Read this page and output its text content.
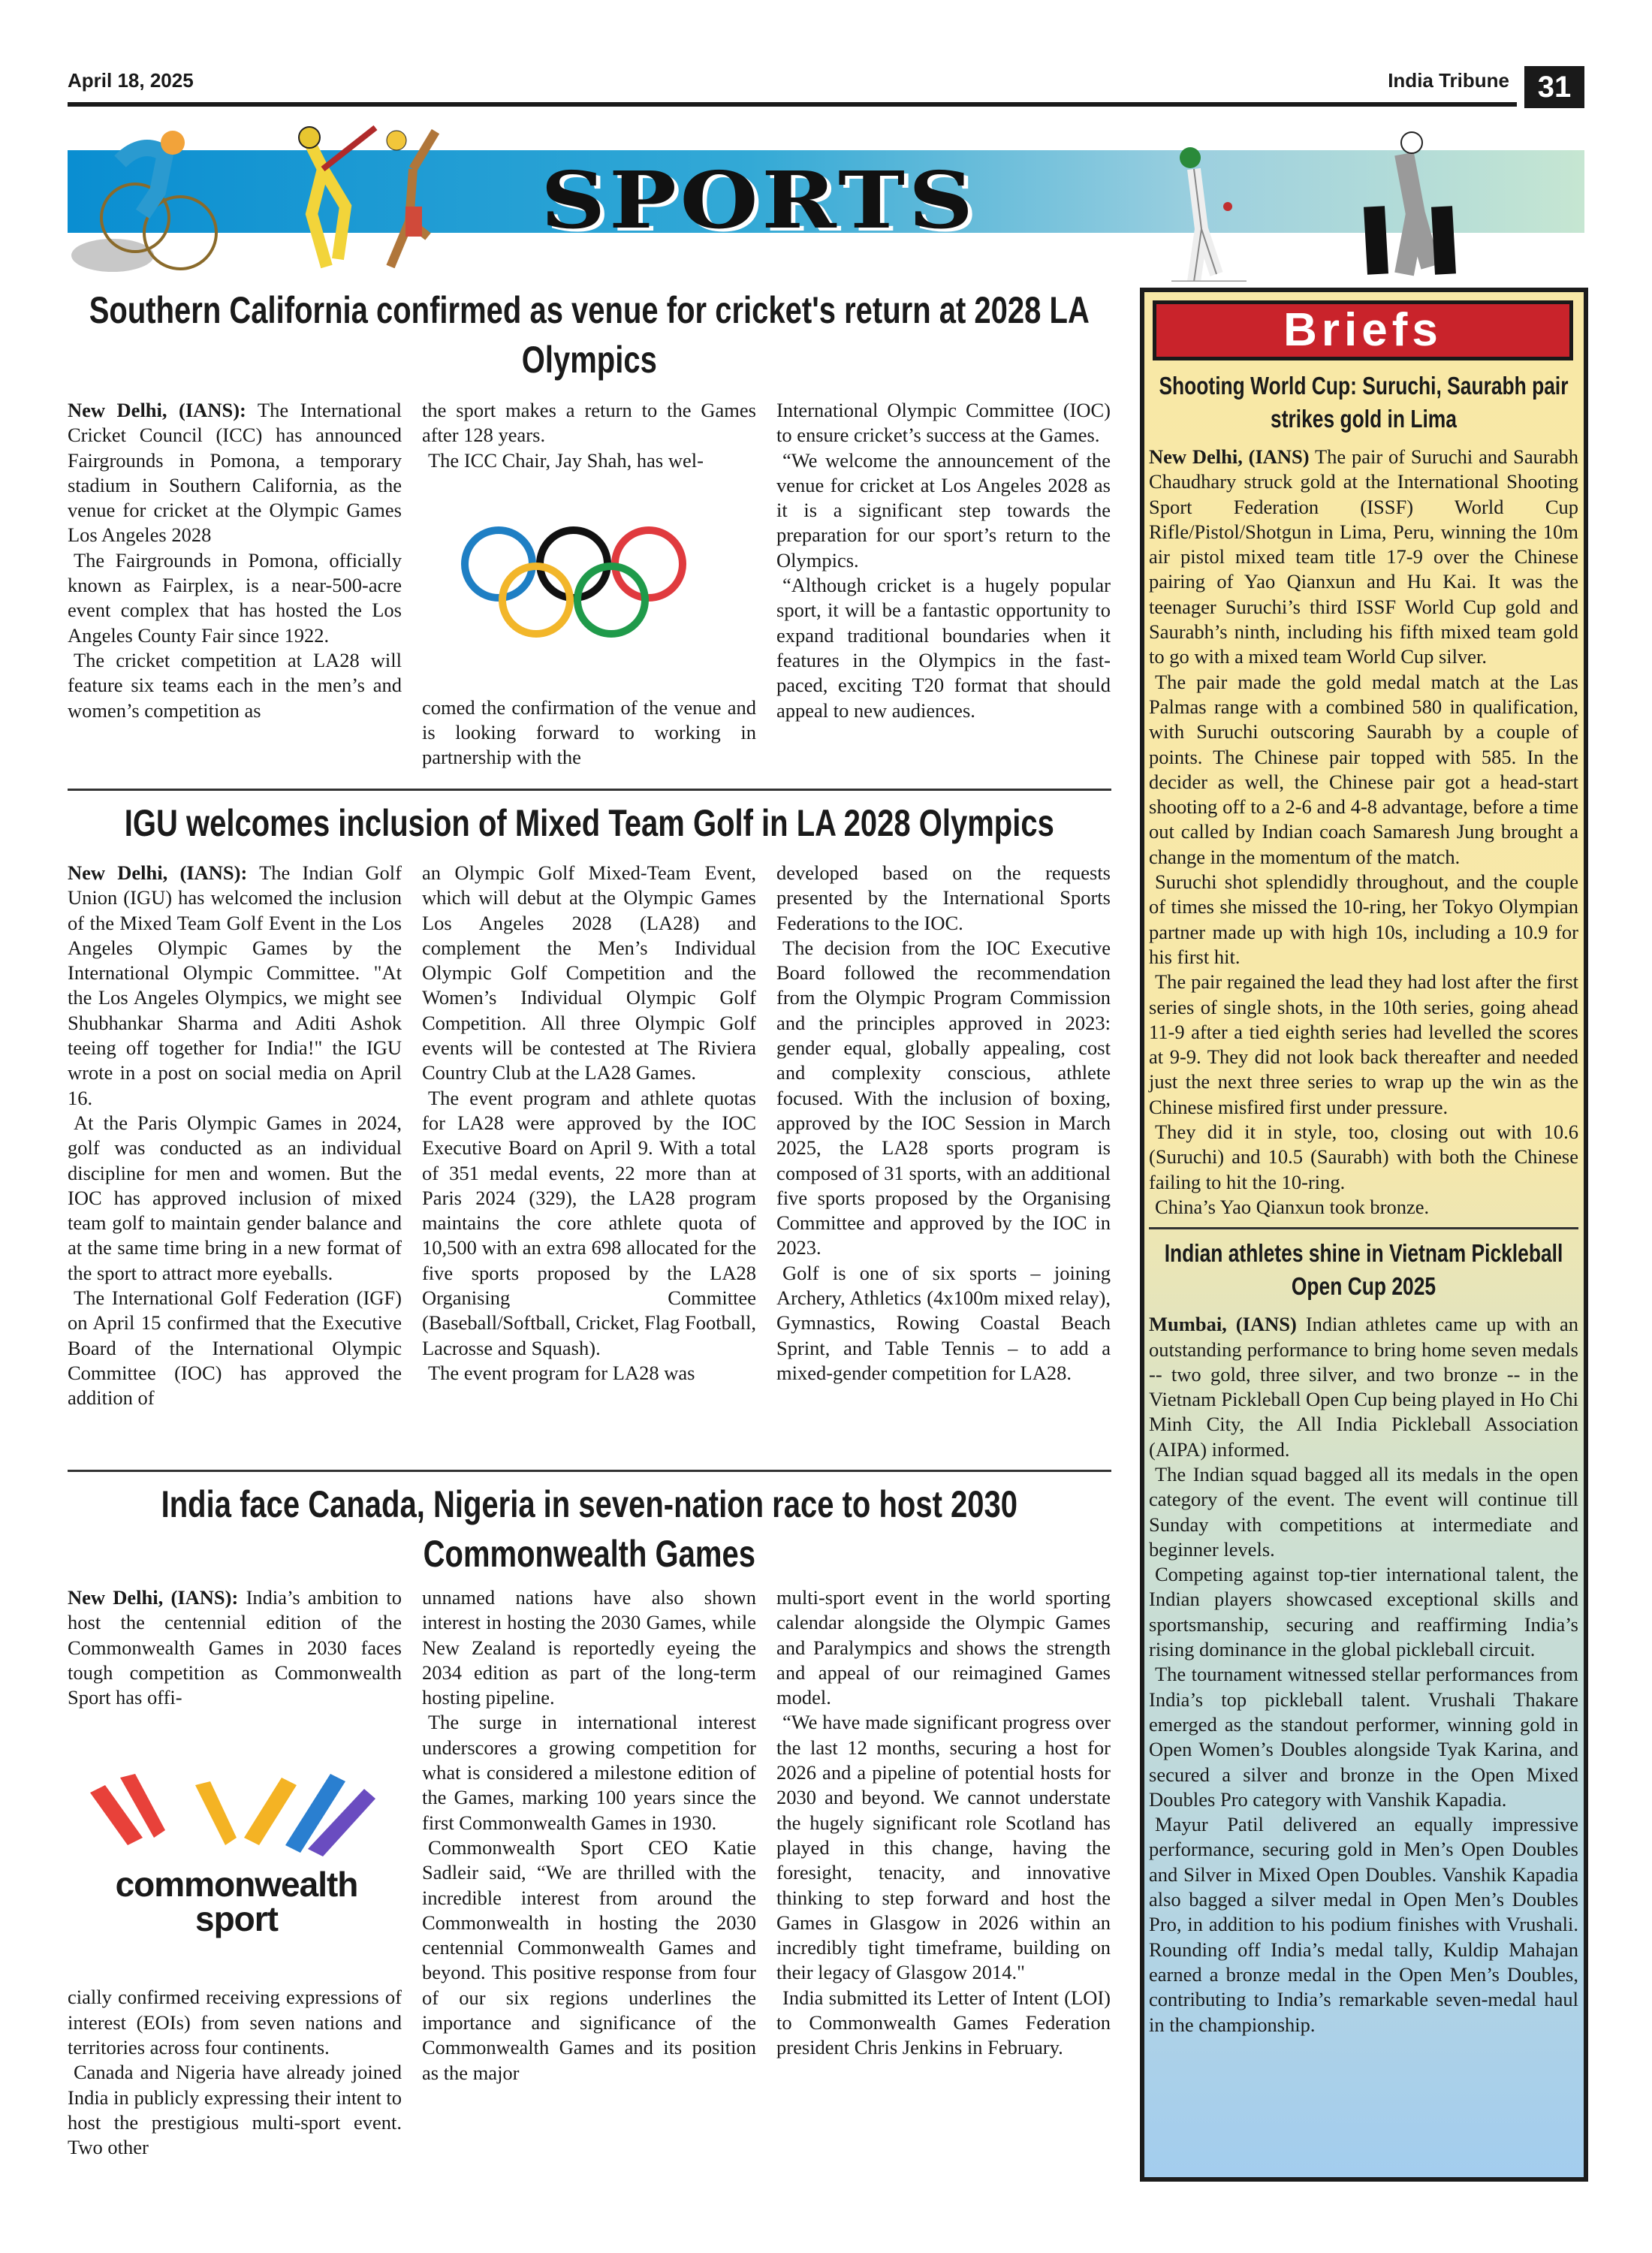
April 18, 2025	India Tribune 31
SPORTS
Southern California confirmed as venue for cricket's return at 2028 LA Olympics

New Delhi, (IANS): The International Cricket Council (ICC) has announced Fairgrounds in Pomona, a temporary stadium in Southern California, as the venue for cricket at the Olympic Games Los Angeles 2028

The Fairgrounds in Pomona, officially known as Fairplex, is a near-500-acre event complex that has hosted the Los Angeles County Fair since 1922.

The cricket competition at LA28 will feature six teams each in the men’s and women’s competition as

the sport makes a return to the Games after 128 years.

The ICC Chair, Jay Shah, has wel-

comed the confirmation of the venue and is looking forward to working in partnership with the

International Olympic Committee (IOC) to ensure cricket’s success at the Games.

“We welcome the announcement of the venue for cricket at Los Angeles 2028 as it is a significant step towards the preparation for our sport’s return to the Olympics.

“Although cricket is a hugely popular sport, it will be a fantastic opportunity to expand traditional boundaries when it features in the Olympics in the fast-paced, exciting T20 format that should appeal to new audiences.

IGU welcomes inclusion of Mixed Team Golf in LA 2028 Olympics

New Delhi, (IANS): The Indian Golf Union (IGU) has welcomed the inclusion of the Mixed Team Golf Event in the Los Angeles Olympic Games by the International Olympic Committee. "At the Los Angeles Olympics, we might see Shubhankar Sharma and Aditi Ashok teeing off together for India!" the IGU wrote in a post on social media on April 16.

At the Paris Olympic Games in 2024, golf was conducted as an individual discipline for men and women. But the IOC has approved inclusion of mixed team golf to maintain gender balance and at the same time bring in a new format of the sport to attract more eyeballs.

The International Golf Federation (IGF) on April 15 confirmed that the Executive Board of the International Olympic Committee (IOC) has approved the addition of

an Olympic Golf Mixed-Team Event, which will debut at the Olympic Games Los Angeles 2028 (LA28) and complement the Men’s Individual Olympic Golf Competition and the Women’s Individual Olympic Golf Competition. All three Olympic Golf events will be contested at The Riviera Country Club at the LA28 Games.

The event program and athlete quotas for LA28 were approved by the IOC Executive Board on April 9. With a total of 351 medal events, 22 more than at Paris 2024 (329), the LA28 program maintains the core athlete quota of 10,500 with an extra 698 allocated for the five sports proposed by the LA28 Organising Committee (Baseball/Softball, Cricket, Flag Football, Lacrosse and Squash).

The event program for LA28 was

developed based on the requests presented by the International Sports Federations to the IOC.

The decision from the IOC Executive Board followed the recommendation from the Olympic Program Commission and the principles approved in 2023: gender equal, globally appealing, cost and complexity conscious, athlete focused. With the inclusion of boxing, approved by the IOC Session in March 2025, the LA28 sports program is composed of 31 sports, with an additional five sports proposed by the Organising Committee and approved by the IOC in 2023.

Golf is one of six sports – joining Archery, Athletics (4x100m mixed relay), Gymnastics, Rowing Coastal Beach Sprint, and Table Tennis – to add a mixed-gender competition for LA28.

India face Canada, Nigeria in seven-nation race to host 2030 Commonwealth Games

New Delhi, (IANS): India’s ambition to host the centennial edition of the Commonwealth Games in 2030 faces tough competition as Commonwealth Sport has offi-

commonwealth
sport

cially confirmed receiving expressions of interest (EOIs) from seven nations and territories across four continents.

Canada and Nigeria have already joined India in publicly expressing their intent to host the prestigious multi-sport event. Two other

unnamed nations have also shown interest in hosting the 2030 Games, while New Zealand is reportedly eyeing the 2034 edition as part of the long-term hosting pipeline.

The surge in international interest underscores a growing competition for what is considered a milestone edition of the Games, marking 100 years since the first Commonwealth Games in 1930.

Commonwealth Sport CEO Katie Sadleir said, “We are thrilled with the incredible interest from around the Commonwealth in hosting the 2030 centennial Commonwealth Games and beyond. This positive response from four of our six regions underlines the importance and significance of the Commonwealth Games and its position as the major

multi-sport event in the world sporting calendar alongside the Olympic Games and Paralympics and shows the strength and appeal of our reimagined Games model.

“We have made significant progress over the last 12 months, securing a host for 2026 and a pipeline of potential hosts for 2030 and beyond. We cannot understate the hugely significant role Scotland has played in this change, having the foresight, tenacity, and innovative thinking to step forward and host the Games in Glasgow in 2026 within an incredibly tight timeframe, building on their legacy of Glasgow 2014."

India submitted its Letter of Intent (LOI) to Commonwealth Games Federation president Chris Jenkins in February.

Briefs
Shooting World Cup: Suruchi, Saurabh pair strikes gold in Lima

New Delhi, (IANS) The pair of Suruchi and Saurabh Chaudhary struck gold at the International Shooting Sport Federation (ISSF) World Cup Rifle/Pistol/Shotgun in Lima, Peru, winning the 10m air pistol mixed team title 17-9 over the Chinese pairing of Yao Qianxun and Hu Kai. It was the teenager Suruchi’s third ISSF World Cup gold and Saurabh’s ninth, including his fifth mixed team gold to go with a mixed team World Cup silver.

The pair made the gold medal match at the Las Palmas range with a combined 580 in qualification, with Suruchi outscoring Saurabh by a couple of points. The Chinese pair topped with 585. In the decider as well, the Chinese pair got a head-start shooting off to a 2-6 and 4-8 advantage, before a time out called by Indian coach Samaresh Jung brought a change in the momentum of the match.

Suruchi shot splendidly throughout, and the couple of times she missed the 10-ring, her Tokyo Olympian partner made up with high 10s, including a 10.9 for his first hit.

The pair regained the lead they had lost after the first series of single shots, in the 10th series, going ahead 11-9 after a tied eighth series had levelled the scores at 9-9. They did not look back thereafter and needed just the next three series to wrap up the win as the Chinese misfired first under pressure.

They did it in style, too, closing out with 10.6 (Suruchi) and 10.5 (Saurabh) with both the Chinese failing to hit the 10-ring.

China’s Yao Qianxun took bronze.

Indian athletes shine in Vietnam Pickleball Open Cup 2025

Mumbai, (IANS) Indian athletes came up with an outstanding performance to bring home seven medals -- two gold, three silver, and two bronze -- in the Vietnam Pickleball Open Cup being played in Ho Chi Minh City, the All India Pickleball Association (AIPA) informed.

The Indian squad bagged all its medals in the open category of the event. The event will continue till Sunday with competitions at intermediate and beginner levels.

Competing against top-tier international talent, the Indian players showcased exceptional skills and sportsmanship, securing and reaffirming India’s rising dominance in the global pickleball circuit.

The tournament witnessed stellar performances from India’s top pickleball talent. Vrushali Thakare emerged as the standout performer, winning gold in Open Women’s Doubles alongside Tyak Karina, and secured a silver and bronze in the Open Mixed Doubles Pro category with Vanshik Kapadia.

Mayur Patil delivered an equally impressive performance, securing gold in Men’s Open Doubles and Silver in Mixed Open Doubles. Vanshik Kapadia also bagged a silver medal in Open Men’s Doubles Pro, in addition to his podium finishes with Vrushali. Rounding off India’s medal tally, Kuldip Mahajan earned a bronze medal in the Open Men’s Doubles, contributing to India’s remarkable seven-medal haul in the championship.
